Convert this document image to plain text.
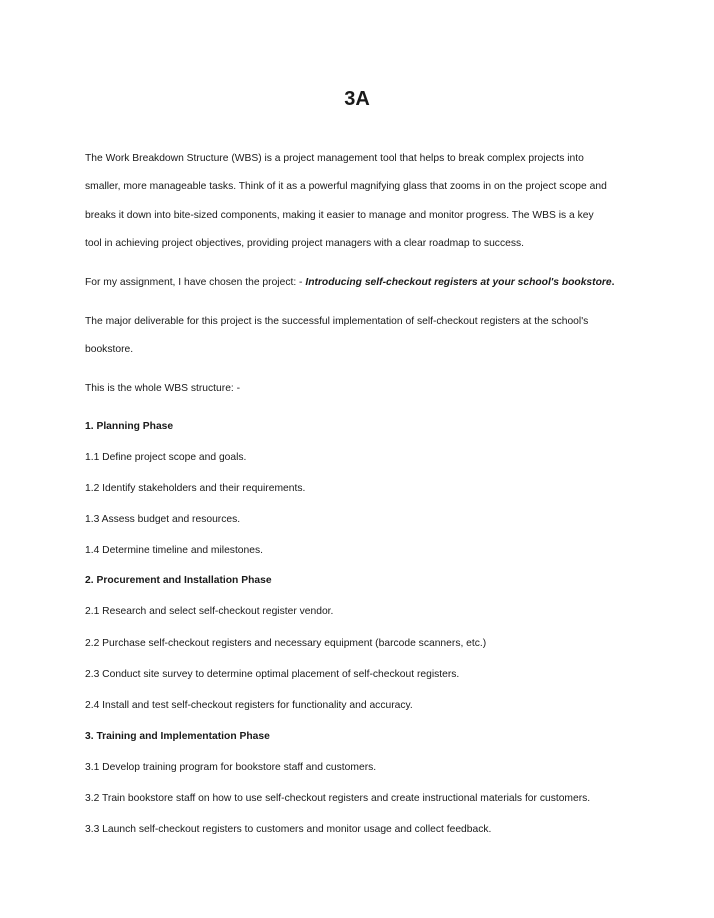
3A
The Work Breakdown Structure (WBS) is a project management tool that helps to break complex projects into
smaller, more manageable tasks. Think of it as a powerful magnifying glass that zooms in on the project scope and
breaks it down into bite-sized components, making it easier to manage and monitor progress. The WBS is a key
tool in achieving project objectives, providing project managers with a clear roadmap to success.
For my assignment, I have chosen the project: - Introducing self-checkout registers at your school's bookstore.
The major deliverable for this project is the successful implementation of self-checkout registers at the school's
bookstore.
This is the whole WBS structure: -
1. Planning Phase
1.1 Define project scope and goals.
1.2 Identify stakeholders and their requirements.
1.3 Assess budget and resources.
1.4 Determine timeline and milestones.
2. Procurement and Installation Phase
2.1 Research and select self-checkout register vendor.
2.2 Purchase self-checkout registers and necessary equipment (barcode scanners, etc.)
2.3 Conduct site survey to determine optimal placement of self-checkout registers.
2.4 Install and test self-checkout registers for functionality and accuracy.
3. Training and Implementation Phase
3.1 Develop training program for bookstore staff and customers.
3.2 Train bookstore staff on how to use self-checkout registers and create instructional materials for customers.
3.3 Launch self-checkout registers to customers and monitor usage and collect feedback.
